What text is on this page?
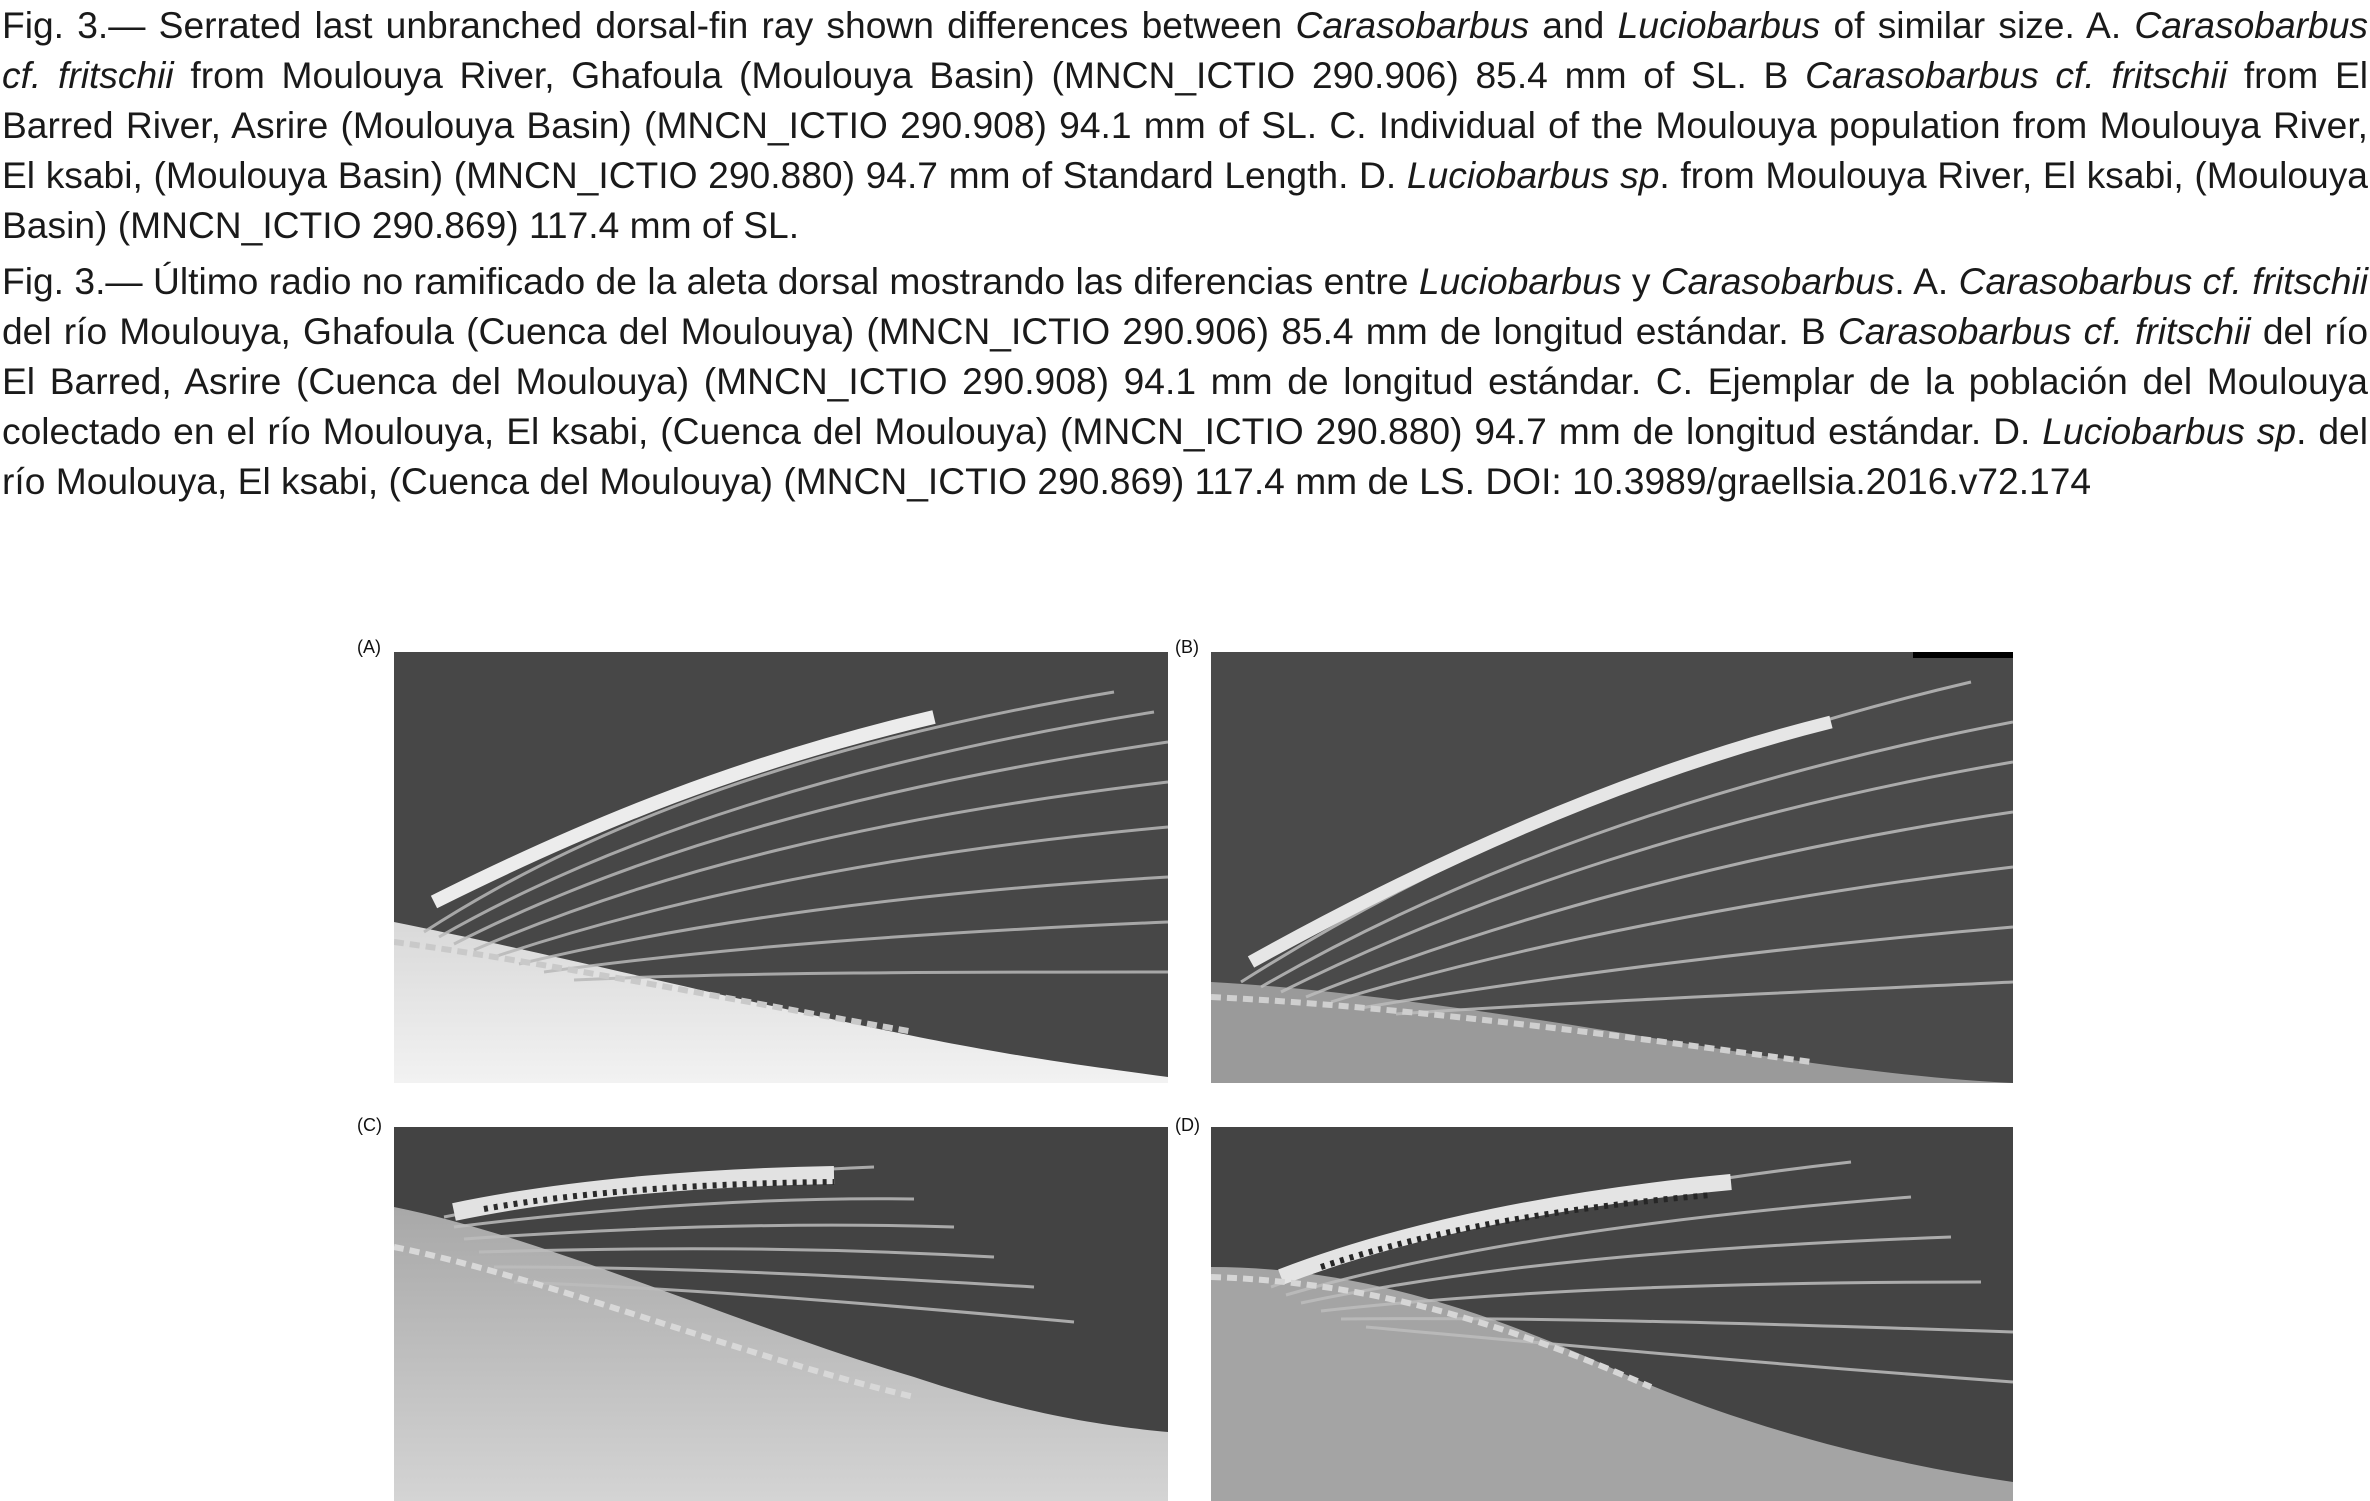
Fig. 3.— Serrated last unbranched dorsal-fin ray shown differences between Carasobarbus and Luciobarbus of similar size. A. Carasobarbus cf. fritschii from Moulouya River, Ghafoula (Moulouya Basin) (MNCN_ICTIO 290.906) 85.4 mm of SL. B Carasobarbus cf. fritschii from El Barred River, Asrire (Moulouya Basin) (MNCN_ICTIO 290.908) 94.1 mm of SL. C. Individual of the Moulouya population from Moulouya River, El ksabi, (Moulouya Basin) (MNCN_ICTIO 290.880) 94.7 mm of Standard Length. D. Luciobarbus sp. from Moulouya River, El ksabi, (Moulouya Basin) (MNCN_ICTIO 290.869) 117.4 mm of SL.

Fig. 3.— Último radio no ramificado de la aleta dorsal mostrando las diferencias entre Luciobarbus y Carasobarbus. A. Carasobarbus cf. fritschii del río Moulouya, Ghafoula (Cuenca del Moulouya) (MNCN_ICTIO 290.906) 85.4 mm de longitud estándar. B Carasobarbus cf. fritschii del río El Barred, Asrire (Cuenca del Moulouya) (MNCN_ICTIO 290.908) 94.1 mm de longitud estándar. C. Ejemplar de la población del Moulouya colectado en el río Moulouya, El ksabi, (Cuenca del Moulouya) (MNCN_ICTIO 290.880) 94.7 mm de longitud estándar. D. Luciobarbus sp. del río Moulouya, El ksabi, (Cuenca del Moulouya) (MNCN_ICTIO 290.869) 117.4 mm de LS. DOI: 10.3989/graellsia.2016.v72.174

(A)	(B)
(C)	(D)
